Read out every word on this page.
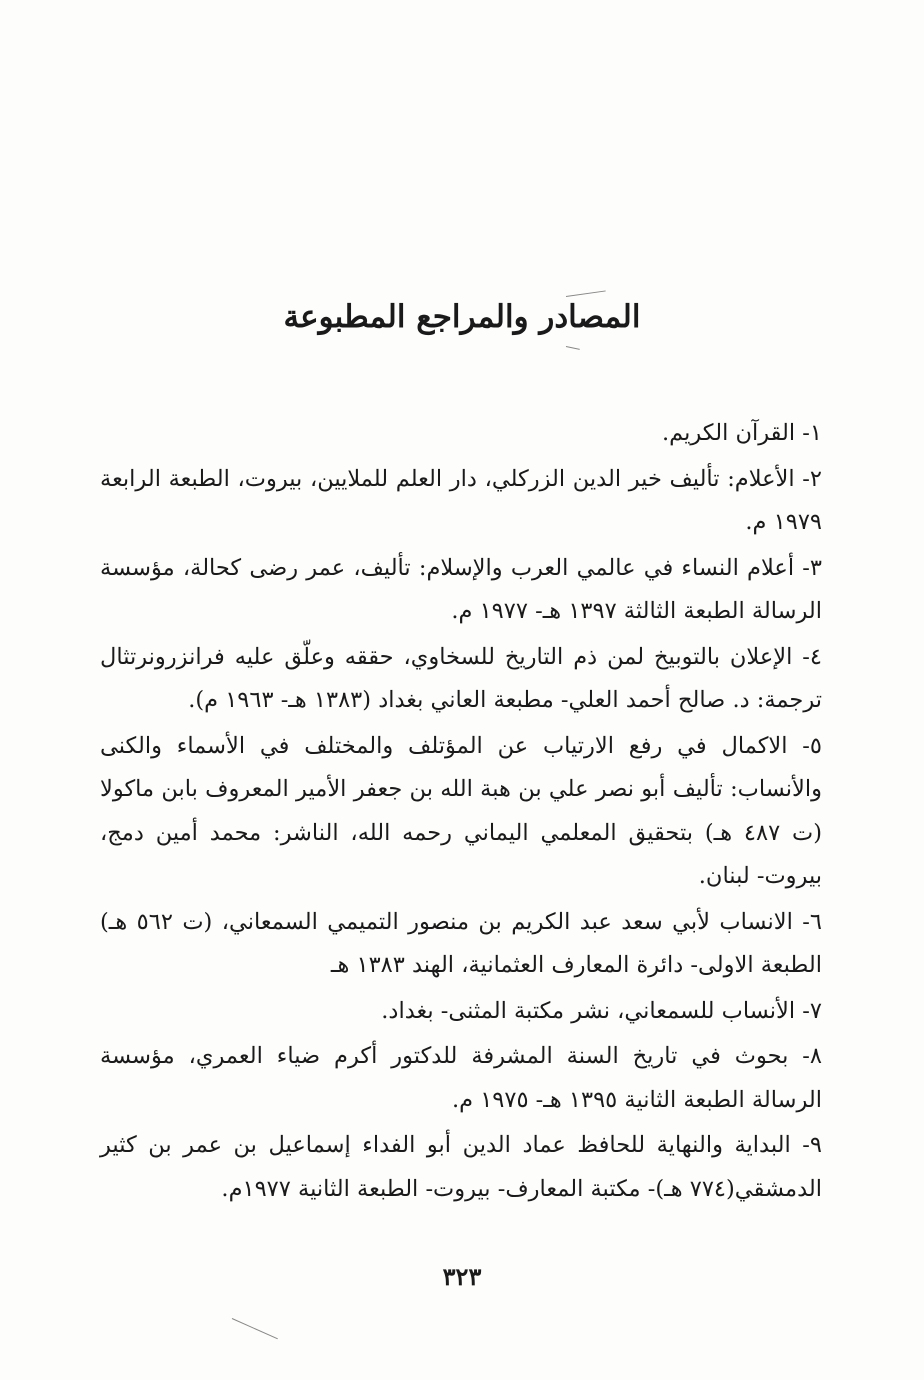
المصادر والمراجع المطبوعة

١- القرآن الكريم.

٢- الأعلام: تأليف خير الدين الزركلي، دار العلم للملايين، بيروت، الطبعة الرابعة ١٩٧٩ م.

٣- أعلام النساء في عالمي العرب والإسلام: تأليف، عمر رضى كحالة، مؤسسة الرسالة الطبعة الثالثة ١٣٩٧ هـ- ١٩٧٧ م.

٤- الإعلان بالتوبيخ لمن ذم التاريخ للسخاوي، حققه وعلّق عليه فرانزرونرتثال ترجمة: د. صالح أحمد العلي- مطبعة العاني بغداد (١٣٨٣ هـ- ١٩٦٣ م).

٥- الاكمال في رفع الارتياب عن المؤتلف والمختلف في الأسماء والكنى والأنساب: تأليف أبو نصر علي بن هبة الله بن جعفر الأمير المعروف بابن ماكولا (ت ٤٨٧ هـ) بتحقيق المعلمي اليماني رحمه الله، الناشر: محمد أمين دمج، بيروت- لبنان.

٦- الانساب لأبي سعد عبد الكريم بن منصور التميمي السمعاني، (ت ٥٦٢ هـ) الطبعة الاولى- دائرة المعارف العثمانية، الهند ١٣٨٣ هـ

٧- الأنساب للسمعاني، نشر مكتبة المثنى- بغداد.

٨- بحوث في تاريخ السنة المشرفة للدكتور أكرم ضياء العمري، مؤسسة الرسالة الطبعة الثانية ١٣٩٥ هـ- ١٩٧٥ م.

٩- البداية والنهاية للحافظ عماد الدين أبو الفداء إسماعيل بن عمر بن كثير الدمشقي(٧٧٤ هـ)- مكتبة المعارف- بيروت- الطبعة الثانية ١٩٧٧م.

٣٢٣
